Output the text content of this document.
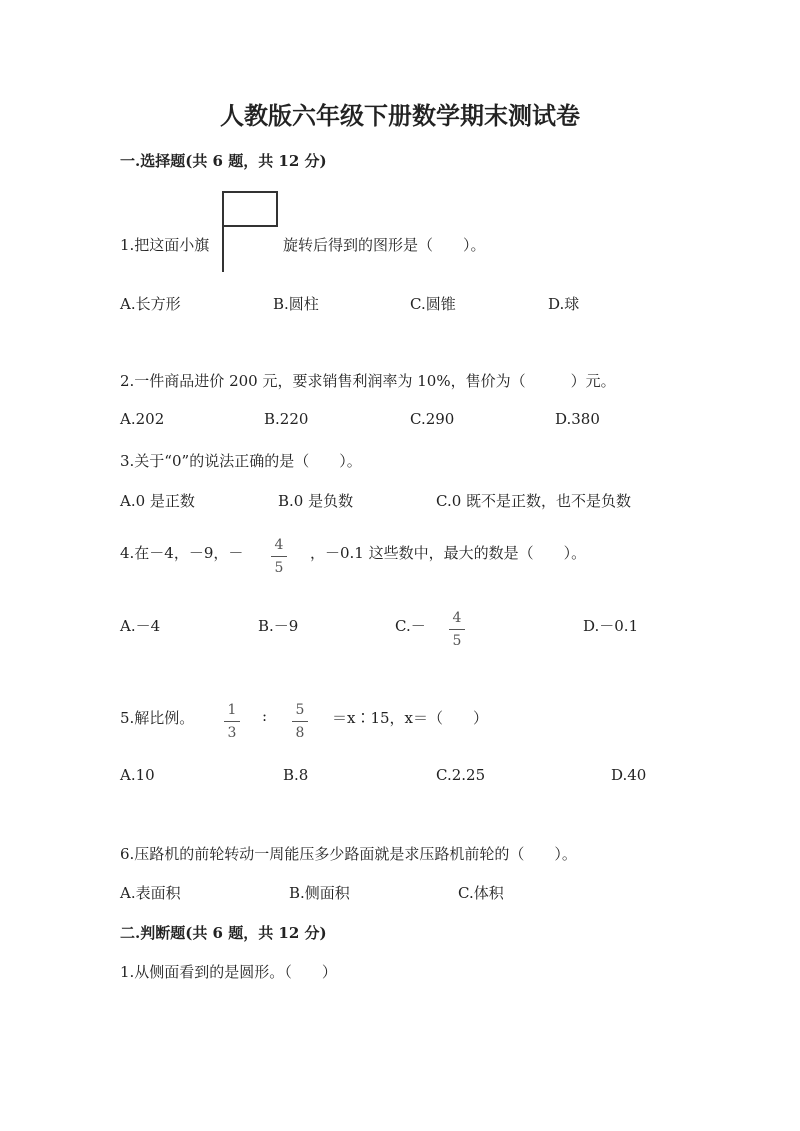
人教版六年级下册数学期末测试卷
一.选择题(共 6 题，共 12 分)
1.把这面小旗	旋转后得到的图形是（　　）。
A.长方形	B.圆柱	C.圆锥	D.球
2.一件商品进价 200 元，要求销售利润率为 10%，售价为（　　　）元。
A.202	B.220	C.290	D.380
3.关于“0”的说法正确的是（　　）。
A.0 是正数	B.0 是负数	C.0 既不是正数，也不是负数
4.在－4，－9，－	4
5
，－0.1 这些数中，最大的数是（　　）。
A.－4	B.－9	C.－	4
5
D.－0.1
5.解比例。	1
3
:	5
8
＝x∶15，x＝（　　）
A.10	B.8	C.2.25	D.40
6.压路机的前轮转动一周能压多少路面就是求压路机前轮的（　　）。
A.表面积	B.侧面积	C.体积
二.判断题(共 6 题，共 12 分)
1.从侧面看到的是圆形。（　　）
